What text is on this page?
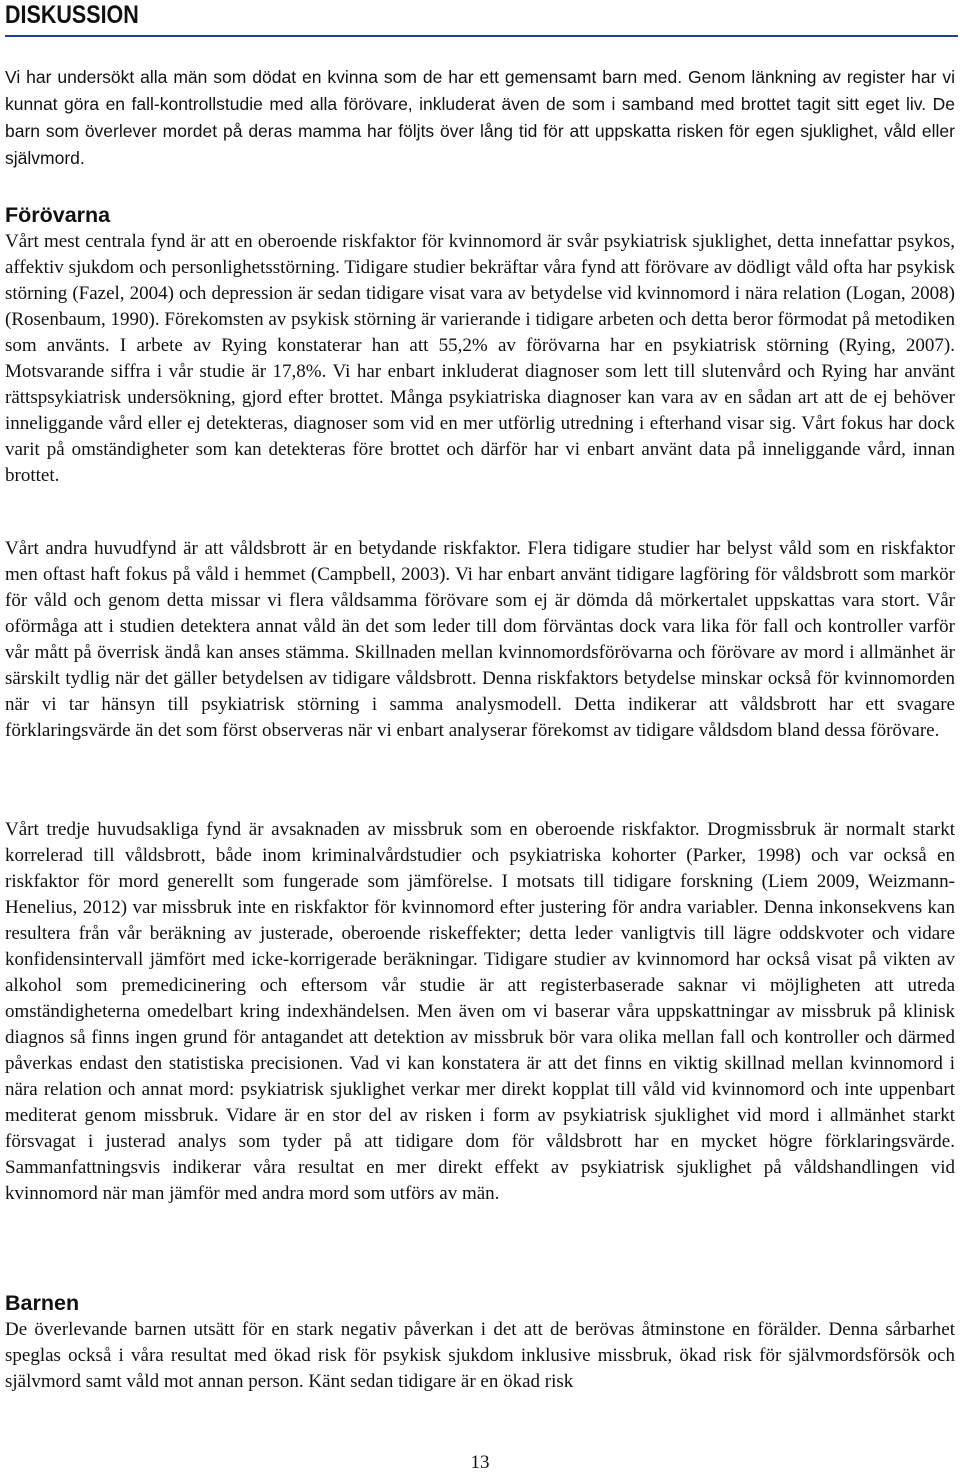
DISKUSSION

Vi har undersökt alla män som dödat en kvinna som de har ett gemensamt barn med. Genom länkning av register har vi kunnat göra en fall-kontrollstudie med alla förövare, inkluderat även de som i samband med brottet tagit sitt eget liv. De barn som överlever mordet på deras mamma har följts över lång tid för att uppskatta risken för egen sjuklighet, våld eller självmord.

Förövarna

Vårt mest centrala fynd är att en oberoende riskfaktor för kvinnomord är svår psykiatrisk sjuklighet, detta innefattar psykos, affektiv sjukdom och personlighetsstörning. Tidigare studier bekräftar våra fynd att förövare av dödligt våld ofta har psykisk störning (Fazel, 2004) och depression är sedan tidigare visat vara av betydelse vid kvinnomord i nära relation (Logan, 2008) (Rosenbaum, 1990). Förekomsten av psykisk störning är varierande i tidigare arbeten och detta beror förmodat på metodiken som använts. I arbete av Rying konstaterar han att 55,2% av förövarna har en psykiatrisk störning (Rying, 2007). Motsvarande siffra i vår studie är 17,8%. Vi har enbart inkluderat diagnoser som lett till slutenvård och Rying har använt rättspsykiatrisk undersökning, gjord efter brottet. Många psykiatriska diagnoser kan vara av en sådan art att de ej behöver inneliggande vård eller ej detekteras, diagnoser som vid en mer utförlig utredning i efterhand visar sig. Vårt fokus har dock varit på omständigheter som kan detekteras före brottet och därför har vi enbart använt data på inneliggande vård, innan brottet.

Vårt andra huvudfynd är att våldsbrott är en betydande riskfaktor. Flera tidigare studier har belyst våld som en riskfaktor men oftast haft fokus på våld i hemmet (Campbell, 2003). Vi har enbart använt tidigare lagföring för våldsbrott som markör för våld och genom detta missar vi flera våldsamma förövare som ej är dömda då mörkertalet uppskattas vara stort. Vår oförmåga att i studien detektera annat våld än det som leder till dom förväntas dock vara lika för fall och kontroller varför vår mått på överrisk ändå kan anses stämma. Skillnaden mellan kvinnomordsförövarna och förövare av mord i allmänhet är särskilt tydlig när det gäller betydelsen av tidigare våldsbrott. Denna riskfaktors betydelse minskar också för kvinnomorden när vi tar hänsyn till psykiatrisk störning i samma analysmodell. Detta indikerar att våldsbrott har ett svagare förklaringsvärde än det som först observeras när vi enbart analyserar förekomst av tidigare våldsdom bland dessa förövare.

Vårt tredje huvudsakliga fynd är avsaknaden av missbruk som en oberoende riskfaktor. Drogmissbruk är normalt starkt korrelerad till våldsbrott, både inom kriminalvårdstudier och psykiatriska kohorter (Parker, 1998) och var också en riskfaktor för mord generellt som fungerade som jämförelse. I motsats till tidigare forskning (Liem 2009, Weizmann-Henelius, 2012) var missbruk inte en riskfaktor för kvinnomord efter justering för andra variabler. Denna inkonsekvens kan resultera från vår beräkning av justerade, oberoende riskeffekter; detta leder vanligtvis till lägre oddskvoter och vidare konfidensintervall jämfört med icke-korrigerade beräkningar. Tidigare studier av kvinnomord har också visat på vikten av alkohol som premedicinering och eftersom vår studie är att registerbaserade saknar vi möjligheten att utreda omständigheterna omedelbart kring indexhändelsen. Men även om vi baserar våra uppskattningar av missbruk på klinisk diagnos så finns ingen grund för antagandet att detektion av missbruk bör vara olika mellan fall och kontroller och därmed påverkas endast den statistiska precisionen. Vad vi kan konstatera är att det finns en viktig skillnad mellan kvinnomord i nära relation och annat mord: psykiatrisk sjuklighet verkar mer direkt kopplat till våld vid kvinnomord och inte uppenbart mediterat genom missbruk. Vidare är en stor del av risken i form av psykiatrisk sjuklighet vid mord i allmänhet starkt försvagat i justerad analys som tyder på att tidigare dom för våldsbrott har en mycket högre förklaringsvärde. Sammanfattningsvis indikerar våra resultat en mer direkt effekt av psykiatrisk sjuklighet på våldshandlingen vid kvinnomord när man jämför med andra mord som utförs av män.

Barnen

De överlevande barnen utsätt för en stark negativ påverkan i det att de berövas åtminstone en förälder. Denna sårbarhet speglas också i våra resultat med ökad risk för psykisk sjukdom inklusive missbruk, ökad risk för självmordsförsök och självmord samt våld mot annan person. Känt sedan tidigare är en ökad risk

13
